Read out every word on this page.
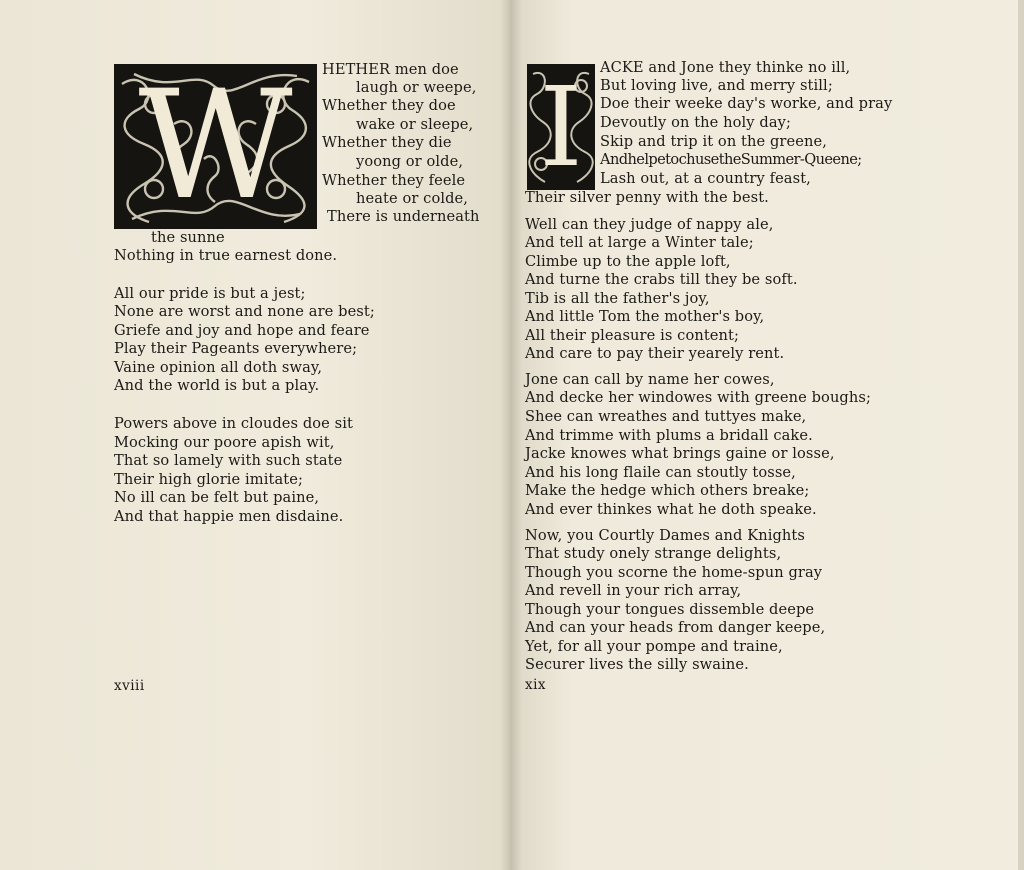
W	HETHER men doe
laugh or weepe,
Whether they doe
wake or sleepe,
Whether they die
yoong or olde,
Whether they feele
heate or colde,
There is underneath
the sunne
Nothing in true earnest done.
All our pride is but a jest;
None are worst and none are best;
Griefe and joy and hope and feare
Play their Pageants everywhere;
Vaine opinion all doth sway,
And the world is but a play.
Powers above in cloudes doe sit
Mocking our poore apish wit,
That so lamely with such state
Their high glorie imitate;
No ill can be felt but paine,
And that happie men disdaine.
xviii
I	ACKE and Jone they thinke no ill,
But loving live, and merry still;
Doe their weeke day's worke, and pray
Devoutly on the holy day;
Skip and trip it on the greene,
AndhelpetochusetheSummer-Queene;
Lash out, at a country feast,
Their silver penny with the best.
Well can they judge of nappy ale,
And tell at large a Winter tale;
Climbe up to the apple loft,
And turne the crabs till they be soft.
Tib is all the father's joy,
And little Tom the mother's boy,
All their pleasure is content;
And care to pay their yearely rent.
Jone can call by name her cowes,
And decke her windowes with greene boughs;
Shee can wreathes and tuttyes make,
And trimme with plums a bridall cake.
Jacke knowes what brings gaine or losse,
And his long flaile can stoutly tosse,
Make the hedge which others breake;
And ever thinkes what he doth speake.
Now, you Courtly Dames and Knights
That study onely strange delights,
Though you scorne the home-spun gray
And revell in your rich array,
Though your tongues dissemble deepe
And can your heads from danger keepe,
Yet, for all your pompe and traine,
Securer lives the silly swaine.
xix
